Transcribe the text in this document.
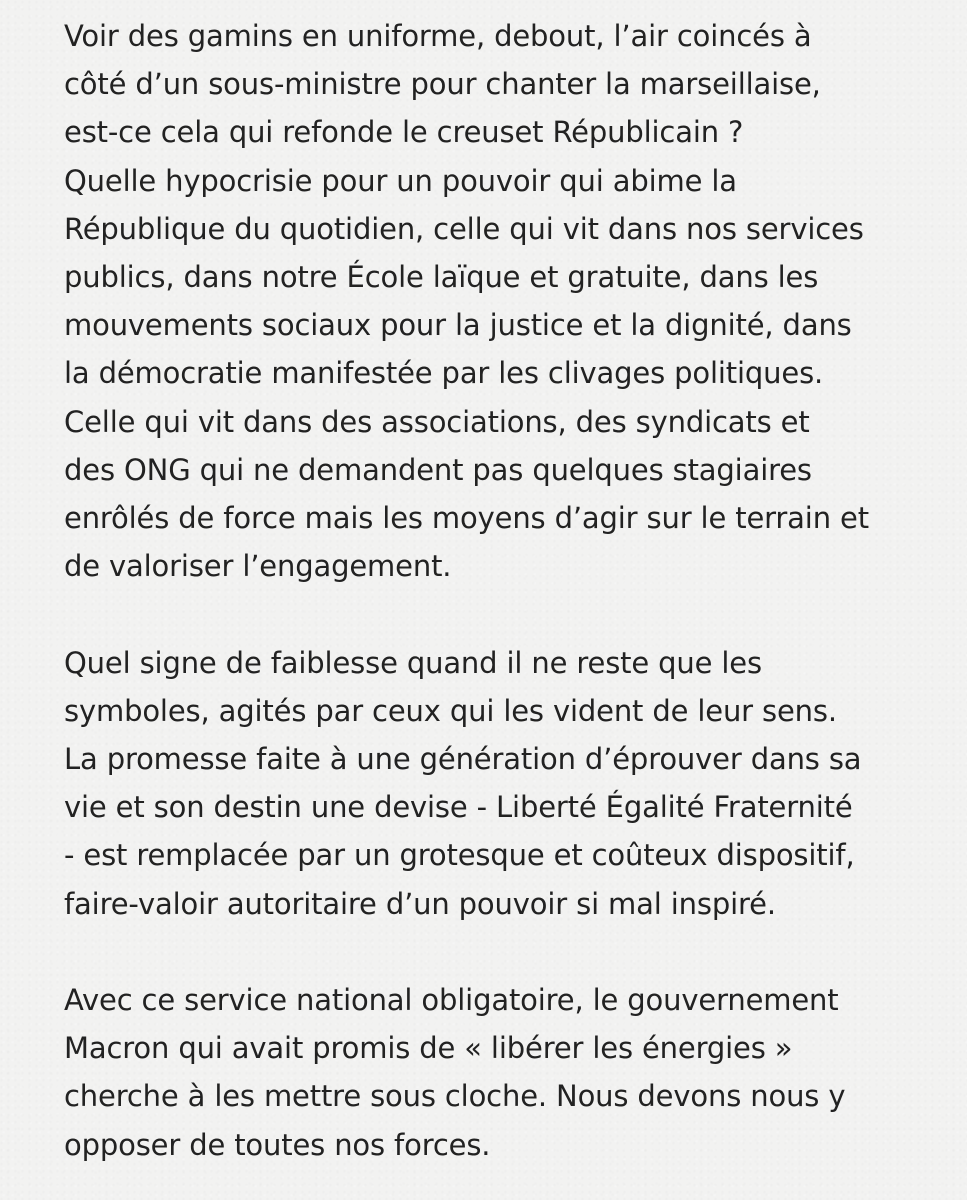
Voir des gamins en uniforme, debout, l’air coincés à
côté d’un sous-ministre pour chanter la marseillaise,
est-ce cela qui refonde le creuset Républicain ?
Quelle hypocrisie pour un pouvoir qui abime la
République du quotidien, celle qui vit dans nos services
publics, dans notre École laïque et gratuite, dans les
mouvements sociaux pour la justice et la dignité, dans
la démocratie manifestée par les clivages politiques.
Celle qui vit dans des associations, des syndicats et
des ONG qui ne demandent pas quelques stagiaires
enrôlés de force mais les moyens d’agir sur le terrain et
de valoriser l’engagement.
Quel signe de faiblesse quand il ne reste que les
symboles, agités par ceux qui les vident de leur sens.
La promesse faite à une génération d’éprouver dans sa
vie et son destin une devise - Liberté Égalité Fraternité
- est remplacée par un grotesque et coûteux dispositif,
faire-valoir autoritaire d’un pouvoir si mal inspiré.
Avec ce service national obligatoire, le gouvernement
Macron qui avait promis de « libérer les énergies »
cherche à les mettre sous cloche. Nous devons nous y
opposer de toutes nos forces.
